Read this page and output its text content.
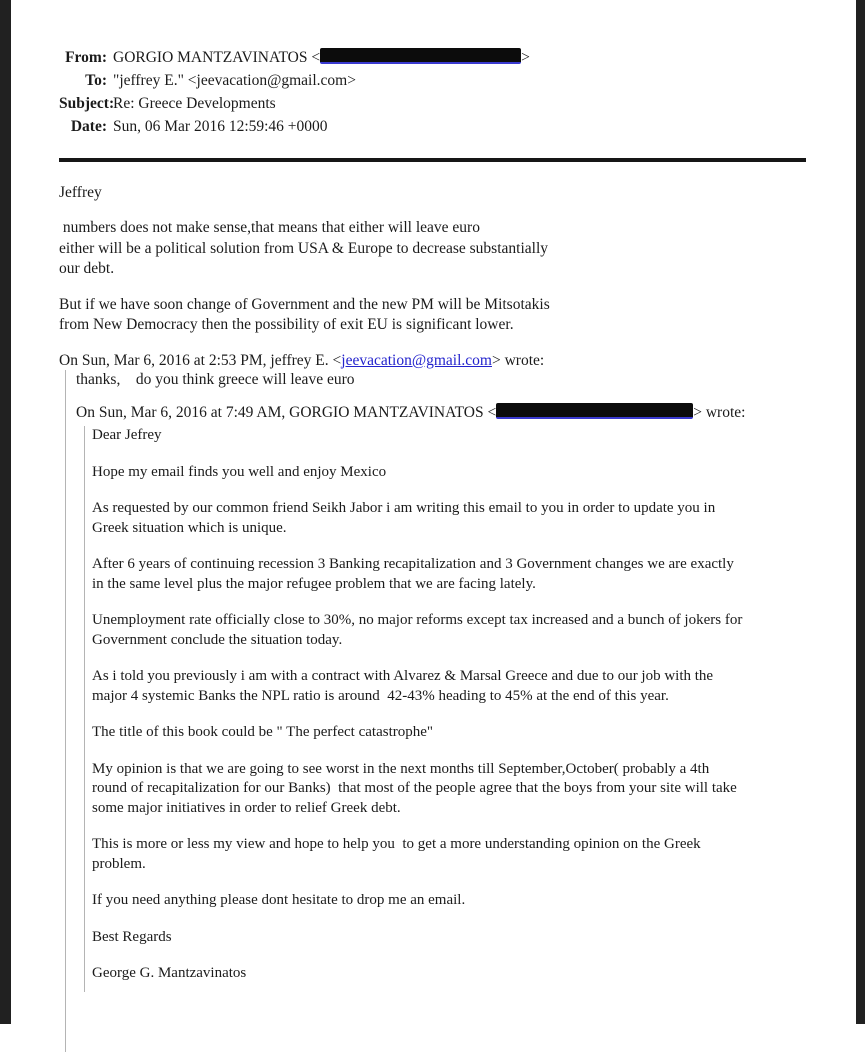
From: GORGIO MANTZAVINATOS <	>
To: "jeffrey E." <jeevacation@gmail.com>
Subject:
Re: Greece Developments
Date: Sun, 06 Mar 2016 12:59:46 +0000
Jeffrey
numbers does not make sense,that means that either will leave euro
either will be a political solution from USA & Europe to decrease substantially
our debt.
But if we have soon change of Government and the new PM will be Mitsotakis
from New Democracy then the possibility of exit EU is significant lower.
On Sun, Mar 6, 2016 at 2:53 PM, jeffrey E. <jeevacation@gmail.com> wrote:
thanks,    do you think greece will leave euro
On Sun, Mar 6, 2016 at 7:49 AM, GORGIO MANTZAVINATOS <	> wrote:
Dear Jefrey
Hope my email finds you well and enjoy Mexico
As requested by our common friend Seikh Jabor i am writing this email to you in order to update you in
Greek situation which is unique.
After 6 years of continuing recession 3 Banking recapitalization and 3 Government changes we are exactly
in the same level plus the major refugee problem that we are facing lately.
Unemployment rate officially close to 30%, no major reforms except tax increased and a bunch of jokers for
Government conclude the situation today.
As i told you previously i am with a contract with Alvarez & Marsal Greece and due to our job with the
major 4 systemic Banks the NPL ratio is around  42-43% heading to 45% at the end of this year.
The title of this book could be " The perfect catastrophe"
My opinion is that we are going to see worst in the next months till September,October( probably a 4th
round of recapitalization for our Banks)  that most of the people agree that the boys from your site will take
some major initiatives in order to relief Greek debt.
This is more or less my view and hope to help you  to get a more understanding opinion on the Greek
problem.
If you need anything please dont hesitate to drop me an email.
Best Regards
George G. Mantzavinatos
